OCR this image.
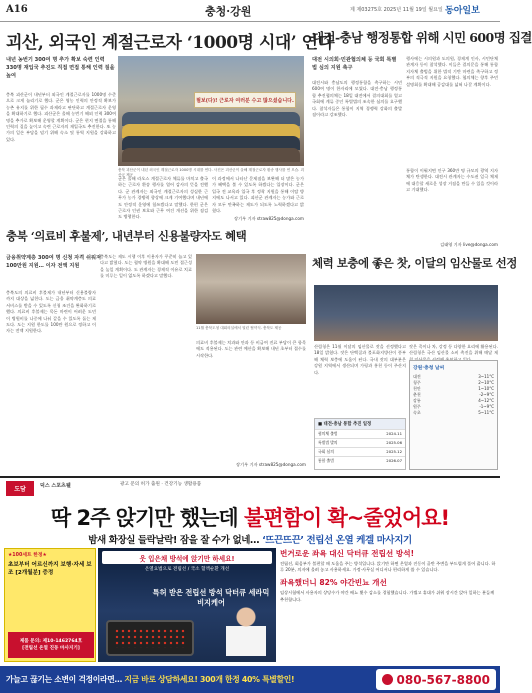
A16	충청·강원	제 제03275호 2025년 11월 19일 월요일 동아일보
괴산, 외국인 계절근로자 ‘1000명 시대’ 연다
내년 농번기 300여 명 추가 확보 숙련 인력 330명 재입국 추진도 직접 면접 통해 인력 질을 높여
필보(다)! 근로자 여러분 수고 많으셨습니다.
충북 괴산군이 내년부터 외국인 계절근로자를 1000명 수준으로 크게 늘리기로 했다. 군은 영농 인력의 안정적 확보가 농촌 유지를 위한 필수 과제라고 판단하고 계절근로자 운영을 확대하기로 했다. 괴산군은 올해 농번기 해외 인력 300여 명을 추가로 확보해 운영할 계획이다. 군은 현지 면접을 통해 인력의 질을 높이고 숙련 근로자의 재입국도 추진한다. 또 농가의 일손 부담을 덜기 위해 숙소 및 통역 지원을 강화하고 있다.
충북 괴산군이 내년 외국인 계절근로자 1000명 시대를 연다. 사진은 괴산군이 올해 계절근로자 환송 행사를 연 모습. 괴산군 제공
군은 올해 라오스 계절근로자 체류를 마치고 출국하는 근로자 환송 행사를 열어 감사의 뜻을 전했다. 군 관계자는 외국인 계절근로자의 성실한 근무가 농가 경쟁력 향상에 크게 기여했다며 내년에도 안정적 운영에 힘쓰겠다고 말했다. 한편 군은 근로자 인권 보호와 근무 여건 개선을 위한 점검도 병행한다.
이 과정에서 나타난 문제점을 보완해 더 많은 농가가 혜택을 볼 수 있도록 하겠다는 입장이다. 군은 입국 전 교육과 입국 후 정착 지원을 통해 이탈 방지에도 나서고 있다. 괴산군 관계자는 농가와 근로자 모두 만족하는 제도가 되도록 노력하겠다고 밝혔다.
장기우 기자 straw825@donga.com
대전-충남 행정통합 위해 시민 600명 집결
대전 시의회·민관협의체 등 국회 특별법 심의 지원 촉구
대전시와 충남도의 행정통합을 촉구하는 시민 600여 명이 한자리에 모였다. 대전·충남 행정통합 추진협의체는 18일 대전에서 결의대회를 열고 국회에 계류 중인 특별법의 조속한 심의를 요구했다. 참석자들은 통합이 지역 경쟁력 강화의 출발점이라고 강조했다.
행사에는 시의원과 도의원, 경제계 인사, 시민단체 관계자 등이 참석했다. 이들은 결의문을 통해 통합 지자체 출범을 위한 법적 기반 마련을 촉구하고 정부의 적극적 지원을 요청했다. 협의체는 향후 주민 설명회를 확대해 공감대를 넓혀 나갈 계획이다.
통합이 이뤄지면 인구 360만 명 규모의 광역 지자체가 탄생한다. 대전시 관계자는 수도권 일극 체제에 대응할 새로운 성장 거점을 만들 수 있을 것이라고 기대했다.
김태영 기자 live@donga.com
체력 보충에 좋은 찻, 이달의 임산물로 선정
산림청은 11월 이달의 임산물로 잣을 선정했다고 18일 밝혔다. 잣은 단백질과 불포화지방산이 풍부해 체력 보충에 도움이 된다. 국내 잣의 대부분은 강원 지역에서 생산되며 가평과 홍천 등이 주산지다.
잣은 죽이나 차, 강정 등 다양한 요리에 활용된다. 산림청은 국산 임산물 소비 촉진을 위해 매달 제
강원·충청 날씨
대전	3~11°C
청주	2~10°C
천안	1~10°C
춘천	-2~9°C
강릉	4~12°C
원주	-1~9°C
속초	5~11°C
■ 대전·충남 통합 추진 일정
협의체 출범	2024.11
특별법 발의	2025.06
국회 심의	2025.12
통합 출범	2026.07
충북 ‘의료비 후불제’, 내년부터 신용불량자도 혜택
금융취약계층 300여 명 신청 자격 쉬워져 100만원 지원… 이자 전액 지원
충북도의 의료비 후불제가 내년부터 신용불량자까지 대상을 넓힌다. 도는 금융 취약계층도 의료 서비스를 받을 수 있도록 신청 조건을 완화하기로 했다. 의료비 후불제는 목돈 마련이 어려운 도민이 병원비를 나중에 나눠 갚을 수 있도록 돕는 제도다. 도는 지원 한도를 100만 원으로 정하고 이자는 전액 지원한다.
충북도는 제도 시행 이후 이용자가 꾸준히 늘고 있다고 밝혔다. 도는 협약 병원을 확대해 도민 접근성을 높일 계획이다. 도 관계자는 경제적 이유로 치료를 미루는 일이 없도록 하겠다고 말했다.
11월 충북도청 대회의실에서 열린 협약식. 충북도 제공
의료비 후불제는 치과와 안과 등 비급여 진료 부담이 큰 항목에도 적용된다. 도는 관련 예산을 확보해 내년 초부터 접수를 시작한다.
장기우 기자 straw825@donga.com
도담	덕스 스포츠웰	광고 문의 허가 출원 · 건강기능 생활용품
딱 2주 앉기만 했는데 불편함이 확~줄었어요!
밤새 화장실 들락날락! 잠을 잘 수가 없네… ‘뜨끈뜨끈’ 전립선 온열 케겔 마사지기
★100세트 한정★
초보부터 어르신까지 보행·자세 보조 [2개월분] 증정
제품 문의: 제10-1462764호
[전립선 온열 진동 마사지기]
웃 입은채 방석에 앉기만 하세요!
온열요법으로 전립선 / 국소 혈액순환 개선
특허 받은 전립선 방석 닥터큐 세라믹 비지케어
번거로운 좌욕 대신 닥터큐 전립선 방석!
전립선, 회음부가 불편할 때 도움을 주는 방석입니다. 앉기만 하면 온열과 진동이 골반 주변을 부드럽게 풀어 줍니다. 하루 20분, 의자에 올려 놓고 사용하세요. 가정·사무실 어디서나 편리하게 쓸 수 있습니다.
좌욕했더니 82% 야간빈뇨 개선
임상시험에서 사용자의 상당수가 야간 배뇨 횟수 감소를 경험했습니다. 가볍고 휴대가 쉬워 장시간 앉아 일하는 분들께 추천합니다.
가늘고 끊기는 소변이 걱정이라면… 지금 바로 상담하세요! 300개 한정 40% 특별할인!	080-567-8800
